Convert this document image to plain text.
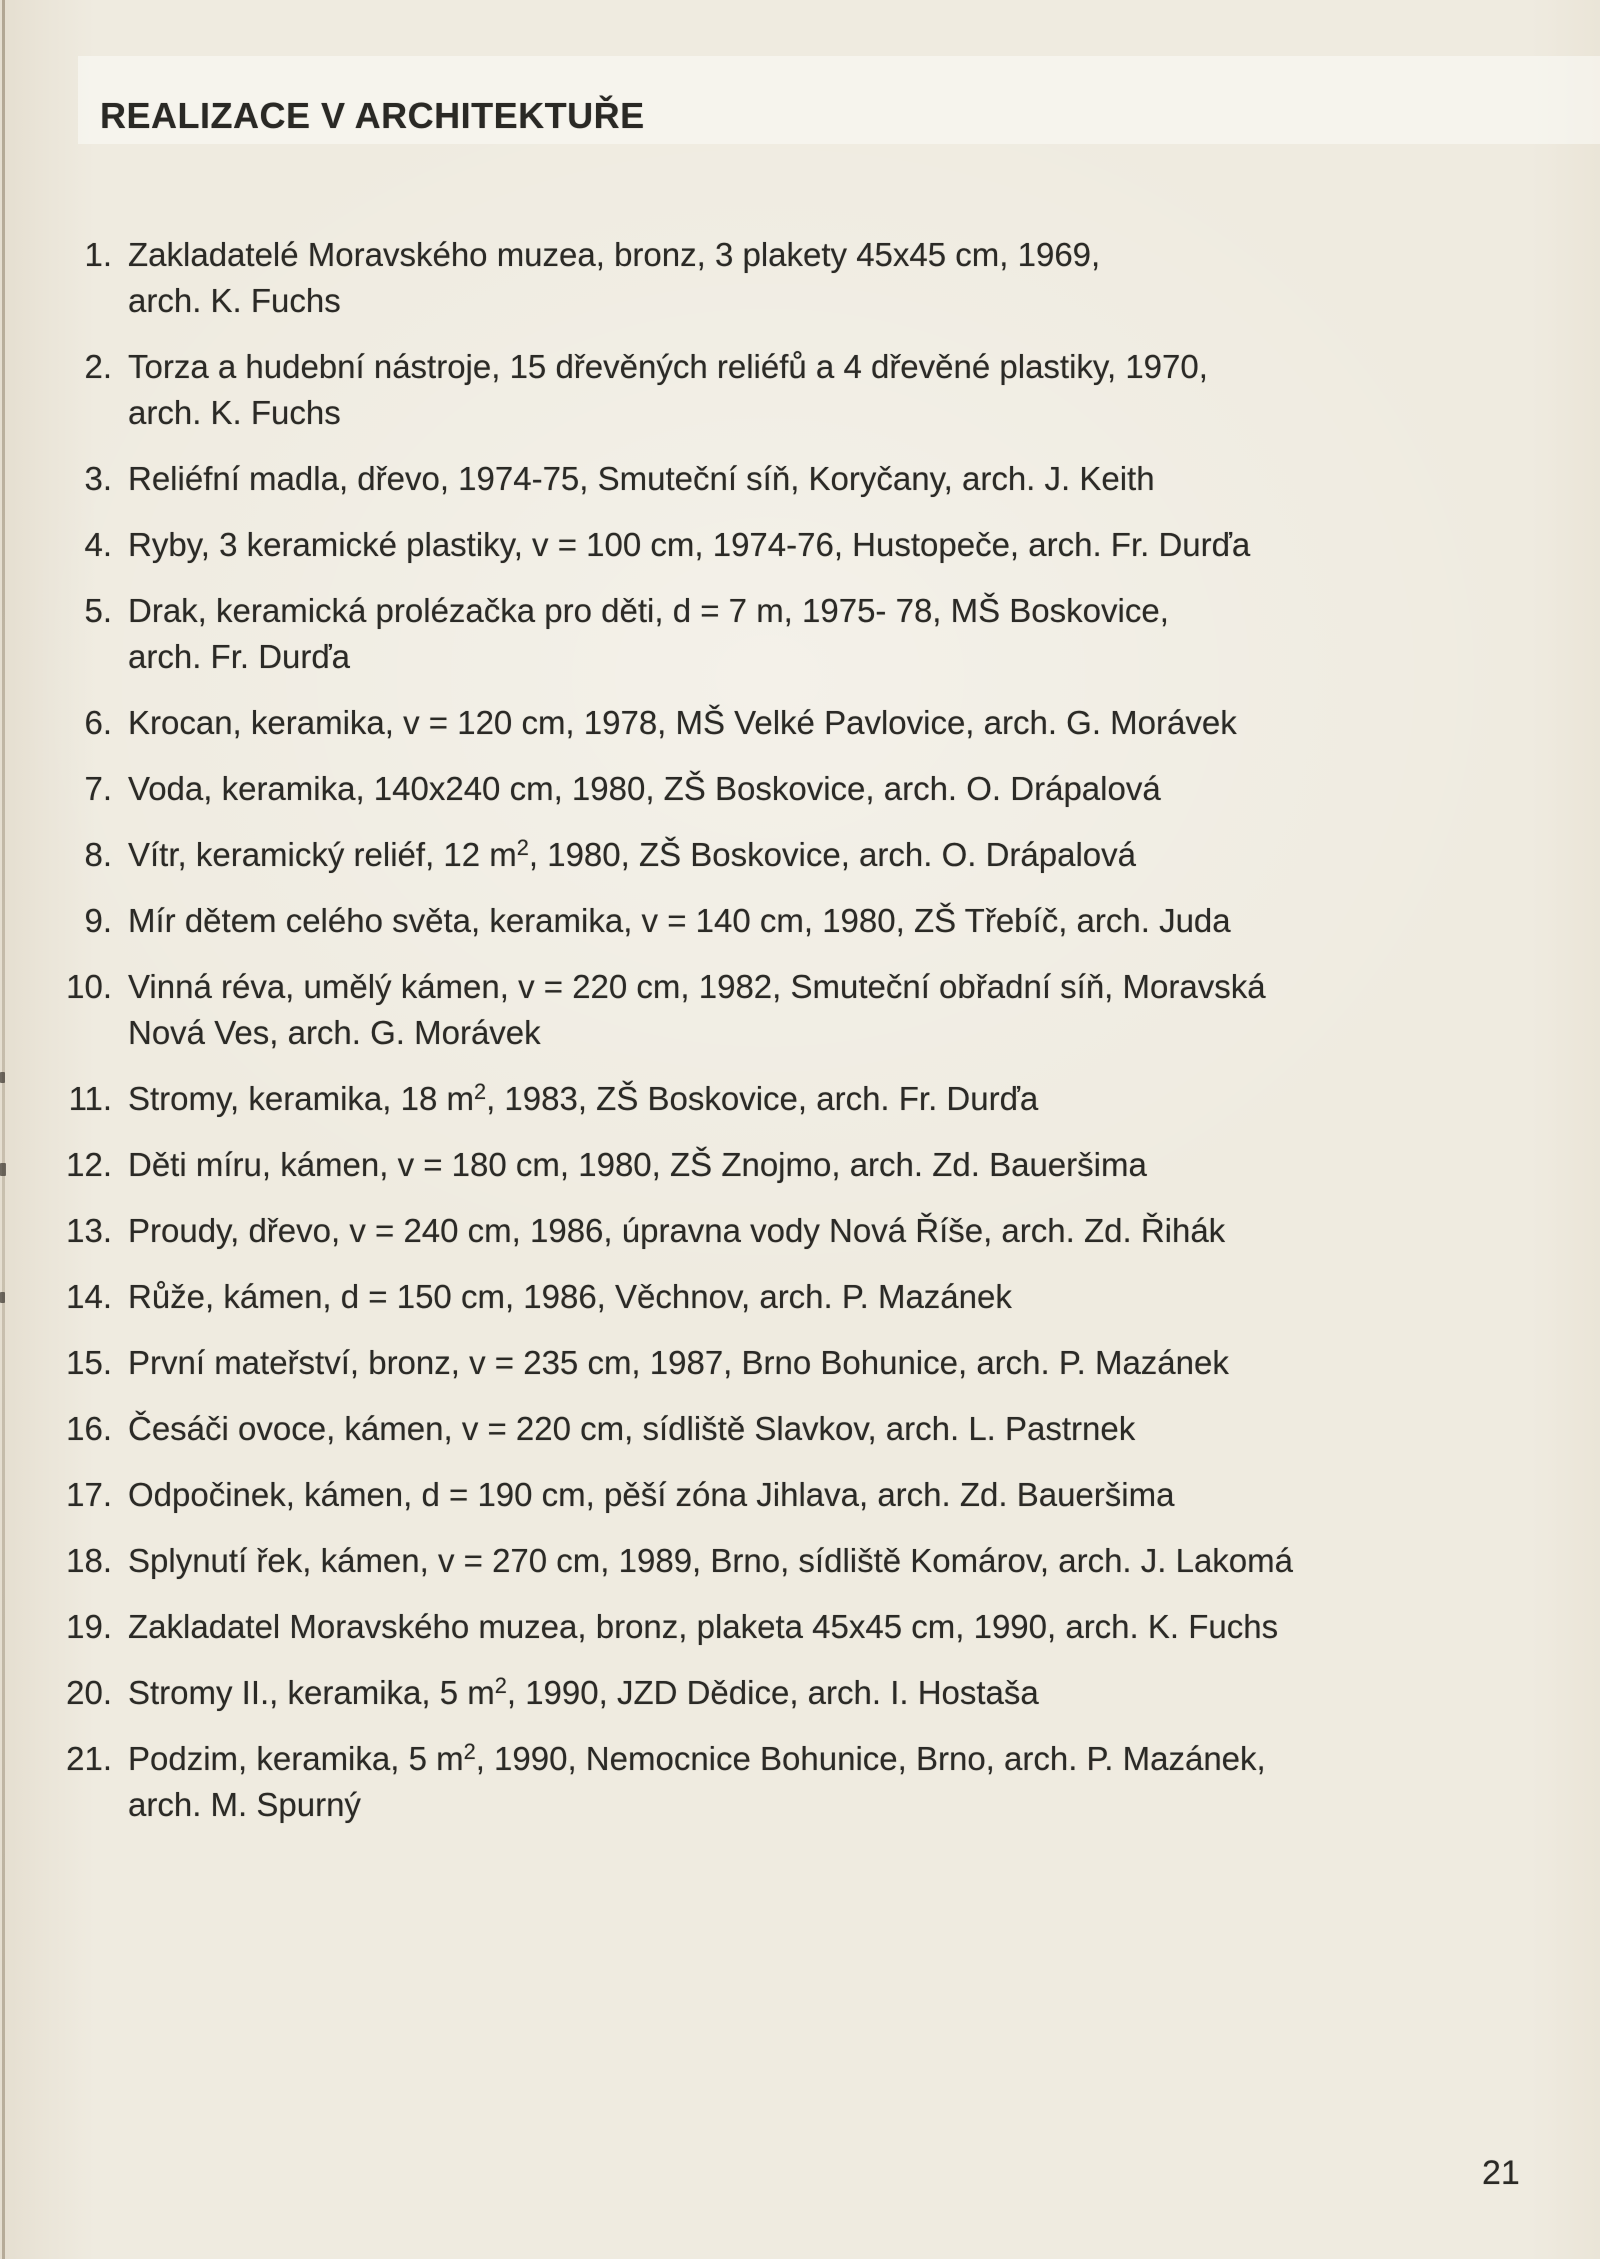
REALIZACE V ARCHITEKTUŘE
1. Zakladatelé Moravského muzea, bronz, 3 plakety 45x45 cm, 1969,
arch. K. Fuchs
2. Torza a hudební nástroje, 15 dřevěných reliéfů a 4 dřevěné plastiky, 1970,
arch. K. Fuchs
3. Reliéfní madla, dřevo, 1974-75, Smuteční síň, Koryčany, arch. J. Keith
4. Ryby, 3 keramické plastiky, v = 100 cm, 1974-76, Hustopeče, arch. Fr. Durďa
5. Drak, keramická prolézačka pro děti, d = 7 m, 1975- 78, MŠ Boskovice,
arch. Fr. Durďa
6. Krocan, keramika, v = 120 cm, 1978, MŠ Velké Pavlovice, arch. G. Morávek
7. Voda, keramika, 140x240 cm, 1980, ZŠ Boskovice, arch. O. Drápalová
8. Vítr, keramický reliéf, 12 $m^2$, 1980, ZŠ Boskovice, arch. O. Drápalová
9. Mír dětem celého světa, keramika, v = 140 cm, 1980, ZŠ Třebíč, arch. Juda
10. Vinná réva, umělý kámen, v = 220 cm, 1982, Smuteční obřadní síň, Moravská
Nová Ves, arch. G. Morávek
11. Stromy, keramika, 18 $m^2$, 1983, ZŠ Boskovice, arch. Fr. Durďa
12. Děti míru, kámen, v = 180 cm, 1980, ZŠ Znojmo, arch. Zd. Baueršima
13. Proudy, dřevo, v = 240 cm, 1986, úpravna vody Nová Říše, arch. Zd. Řihák
14. Růže, kámen, d = 150 cm, 1986, Věchnov, arch. P. Mazánek
15. První mateřství, bronz, v = 235 cm, 1987, Brno Bohunice, arch. P. Mazánek
16. Česáči ovoce, kámen, v = 220 cm, sídliště Slavkov, arch. L. Pastrnek
17. Odpočinek, kámen, d = 190 cm, pěší zóna Jihlava, arch. Zd. Baueršima
18. Splynutí řek, kámen, v = 270 cm, 1989, Brno, sídliště Komárov, arch. J. Lakomá
19. Zakladatel Moravského muzea, bronz, plaketa 45x45 cm, 1990, arch. K. Fuchs
20. Stromy II., keramika, 5 $m^2$, 1990, JZD Dědice, arch. I. Hostaša
21. Podzim, keramika, 5 $m^2$, 1990, Nemocnice Bohunice, Brno, arch. P. Mazánek,
arch. M. Spurný
21
